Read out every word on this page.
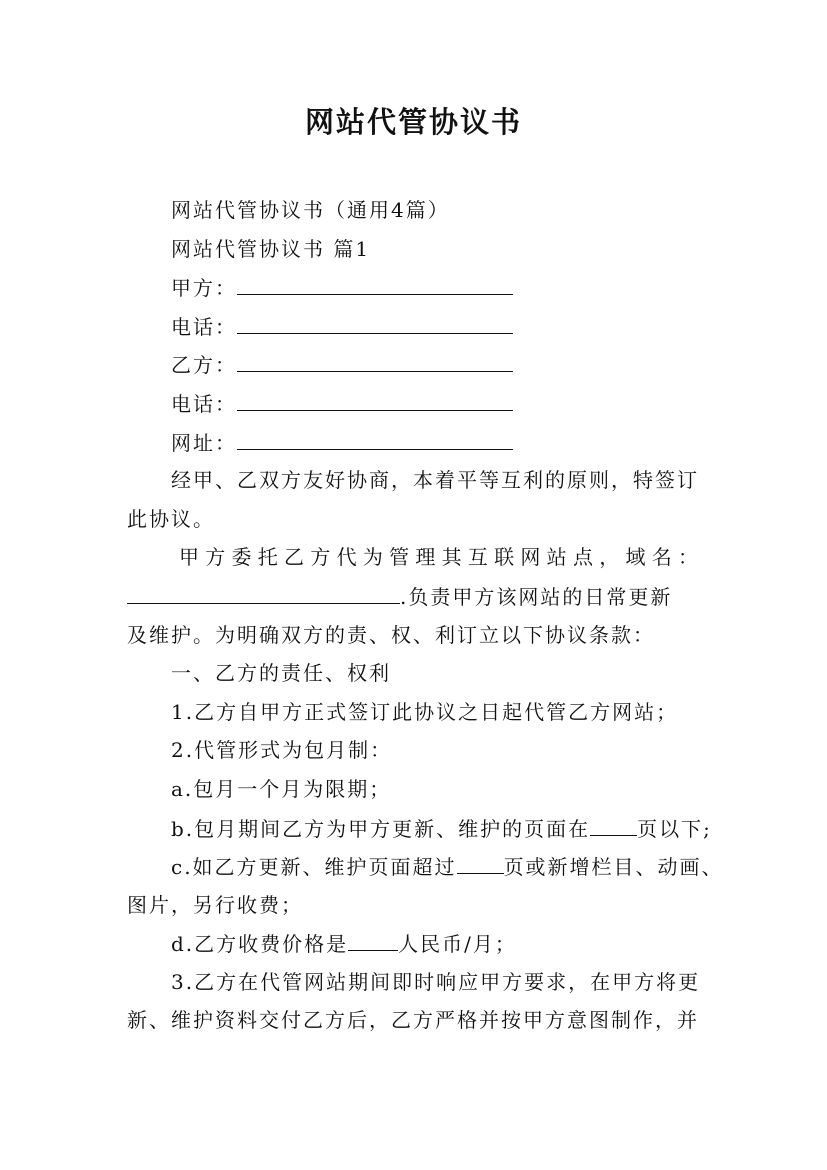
网站代管协议书
网站代管协议书（通用4篇）
网站代管协议书 篇1
甲方：
电话：
乙方：
电话：
网址：
经甲、乙双方友好协商，本着平等互利的原则，特签订
此协议。
甲方委托乙方代为管理其互联网站点，域名：
.负责甲方该网站的日常更新
及维护。为明确双方的责、权、利订立以下协议条款：
一、乙方的责任、权利
1.乙方自甲方正式签订此协议之日起代管乙方网站；
2.代管形式为包月制：
a.包月一个月为限期；
b.包月期间乙方为甲方更新、维护的页面在 页以下;
c.如乙方更新、维护页面超过 页或新增栏目、动画、
图片，另行收费；
d.乙方收费价格是	人民币/月；
3.乙方在代管网站期间即时响应甲方要求，在甲方将更
新、维护资料交付乙方后，乙方严格并按甲方意图制作，并
